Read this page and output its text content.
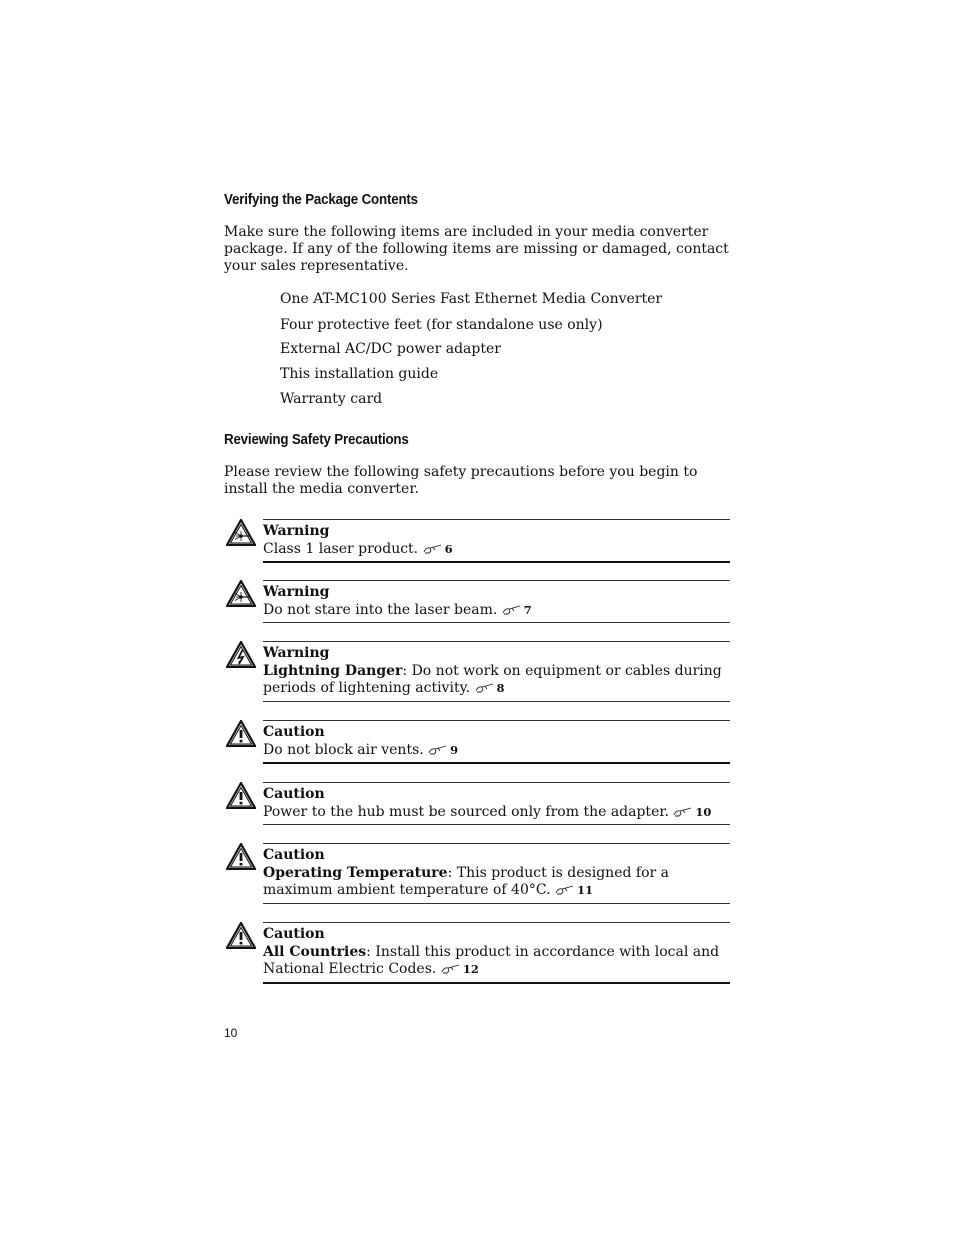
Verifying the Package Contents

Make sure the following items are included in your media converter package. If any of the following items are missing or damaged, contact your sales representative.

One AT-MC100 Series Fast Ethernet Media Converter

Four protective feet (for standalone use only)

External AC/DC power adapter

This installation guide

Warranty card

Reviewing Safety Precautions

Please review the following safety precautions before you begin to install the media converter.

Warning
Class 1 laser product. 6
Warning
Do not stare into the laser beam. 7
Warning
Lightning Danger: Do not work on equipment or cables during periods of lightening activity. 8
Caution
Do not block air vents. 9
Caution
Power to the hub must be sourced only from the adapter. 10
Caution
Operating Temperature: This product is designed for a maximum ambient temperature of 40°C. 11
Caution
All Countries: Install this product in accordance with local and National Electric Codes. 12
10
